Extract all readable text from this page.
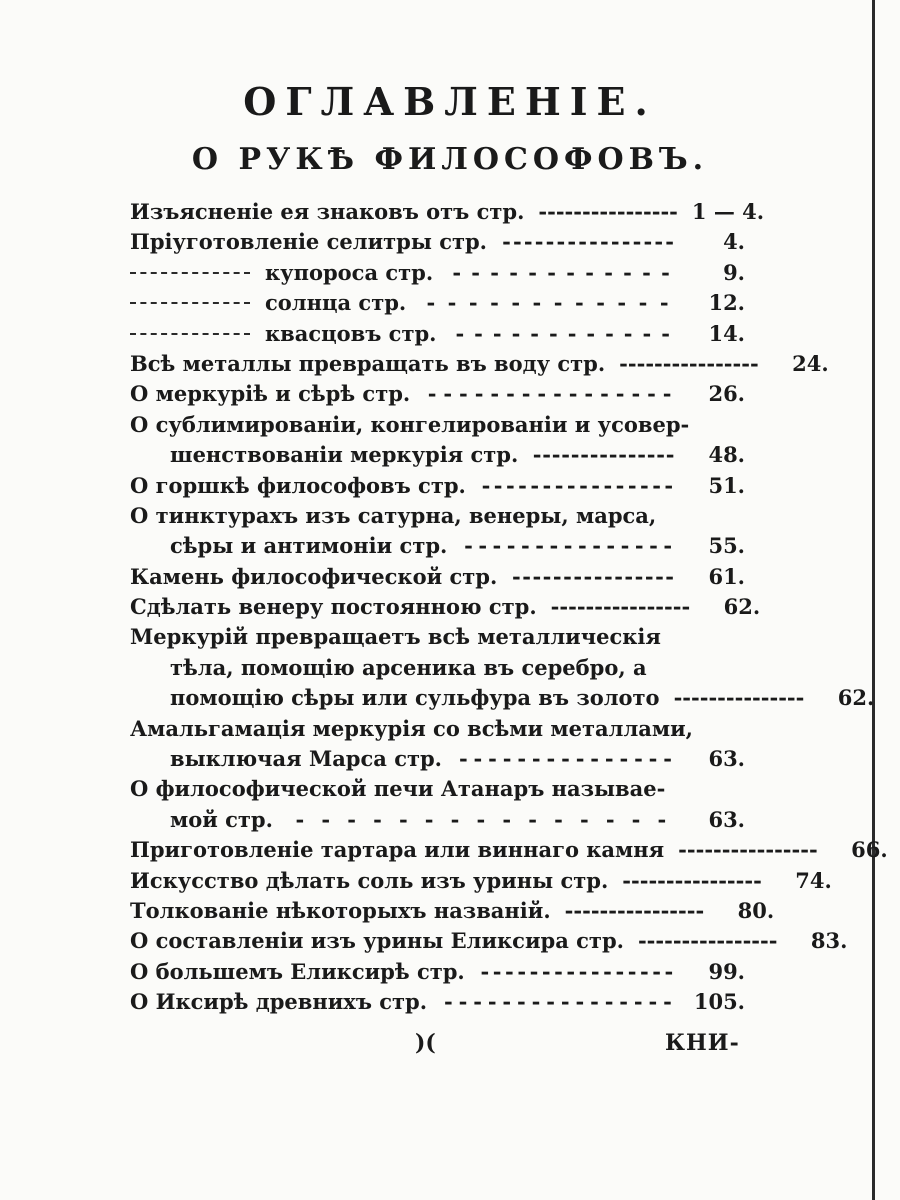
ОГЛАВЛЕНІЕ.
О РУКѢ ФИЛОСОФОВЪ.
Изъясненіе ея знаковъ отъ стр. - - - - - - - - - - - - - - - - 1 — 4.
Пріуготовленіе селитры стр. - - - - - - - - - - - - - - - -	4.
купороса стр. - - - - - - - - - - - -	9.
солнца стр. - - - - - - - - - - - -	12.
квасцовъ стр. - - - - - - - - - - - -	14.
Всѣ металлы превращать въ воду стр. - - - - - - - - - - - - - - - -	24.
О меркуріѣ и сѣрѣ стр. - - - - - - - - - - - - - - - -	26.
О сублимированіи, конгелированіи и усовер-
шенствованіи меркурія стр. - - - - - - - - - - - - - - -	48.
О горшкѣ философовъ стр. - - - - - - - - - - - - - - - -	51.
О тинктурахъ изъ сатурна, венеры, марса,
сѣры и антимоніи стр. - - - - - - - - - - - - - - -	55.
Камень философической стр. - - - - - - - - - - - - - - - -	61.
Сдѣлать венеру постоянною стр. - - - - - - - - - - - - - - - -	62.
Меркурій превращаетъ всѣ металлическія
тѣла, помощію арсеника въ серебро, а
помощію сѣры или сульфура въ золото - - - - - - - - - - - - - - -	62.
Амальгамація меркурія со всѣми металлами,
выключая Марса стр. - - - - - - - - - - - - - - -	63.
О философической печи Атанаръ называе-
мой стр. - - - - - - - - - - - - - - -	63.
Приготовленіе тартара или виннаго камня - - - - - - - - - - - - - - - -	66.
Искусство дѣлать соль изъ урины стр. - - - - - - - - - - - - - - - -	74.
Толкованіе нѣкоторыхъ названій. - - - - - - - - - - - - - - - -	80.
О составленіи изъ урины Еликсира стр. - - - - - - - - - - - - - - - -	83.
О большемъ Еликсирѣ стр. - - - - - - - - - - - - - - - -	99.
О Иксирѣ древнихъ стр. - - - - - - - - - - - - - - - - 105.
)(	КНИ-
